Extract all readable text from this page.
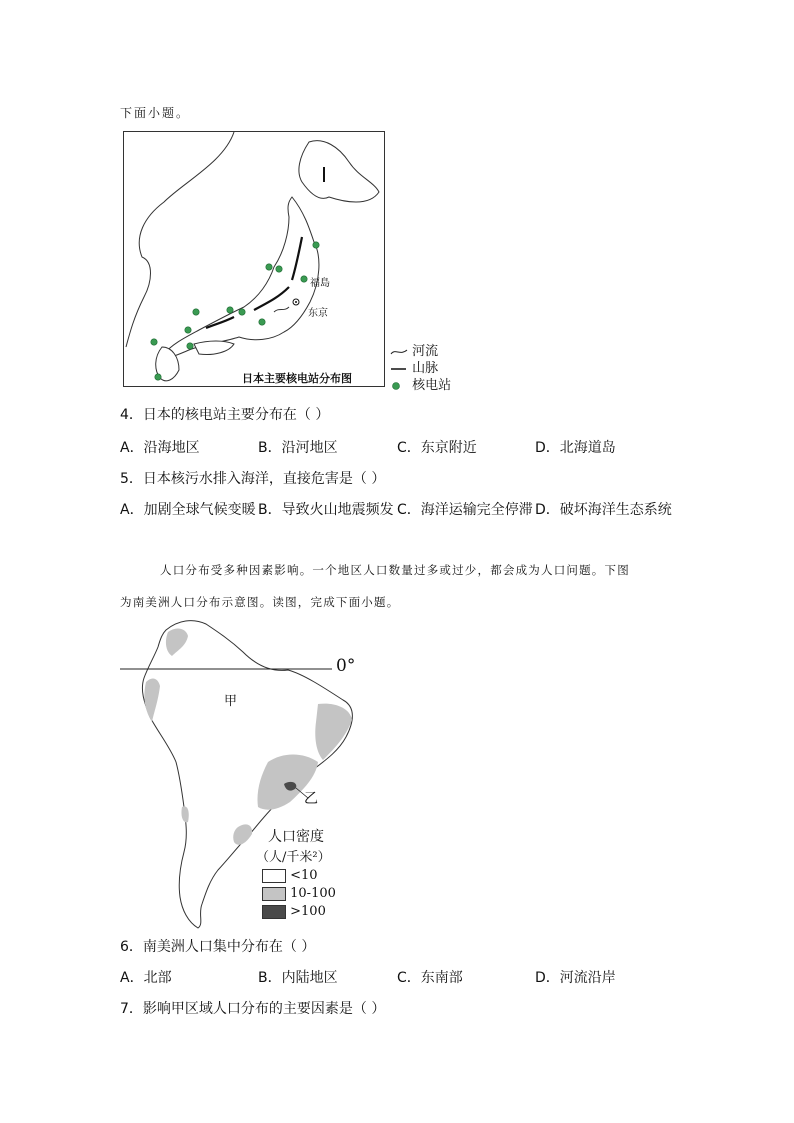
下面小题。
福島
东京
日本主要核电站分布图
河流
山脉
核电站
4．日本的核电站主要分布在（ ）
A．沿海地区	B．沿河地区	C．东京附近	D．北海道岛
5．日本核污水排入海洋，直接危害是（ ）
A．加剧全球气候变暖 B．导致火山地震频发 C．海洋运输完全停滞 D．破坏海洋生态系统
人口分布受多种因素影响。一个地区人口数量过多或过少，都会成为人口问题。下图
为南美洲人口分布示意图。读图，完成下面小题。
0°
甲
乙
人口密度
（人/千米²）
<10
10-100
>100
6．南美洲人口集中分布在（ ）
A．北部	B．内陆地区	C．东南部	D．河流沿岸
7．影响甲区域人口分布的主要因素是（ ）
